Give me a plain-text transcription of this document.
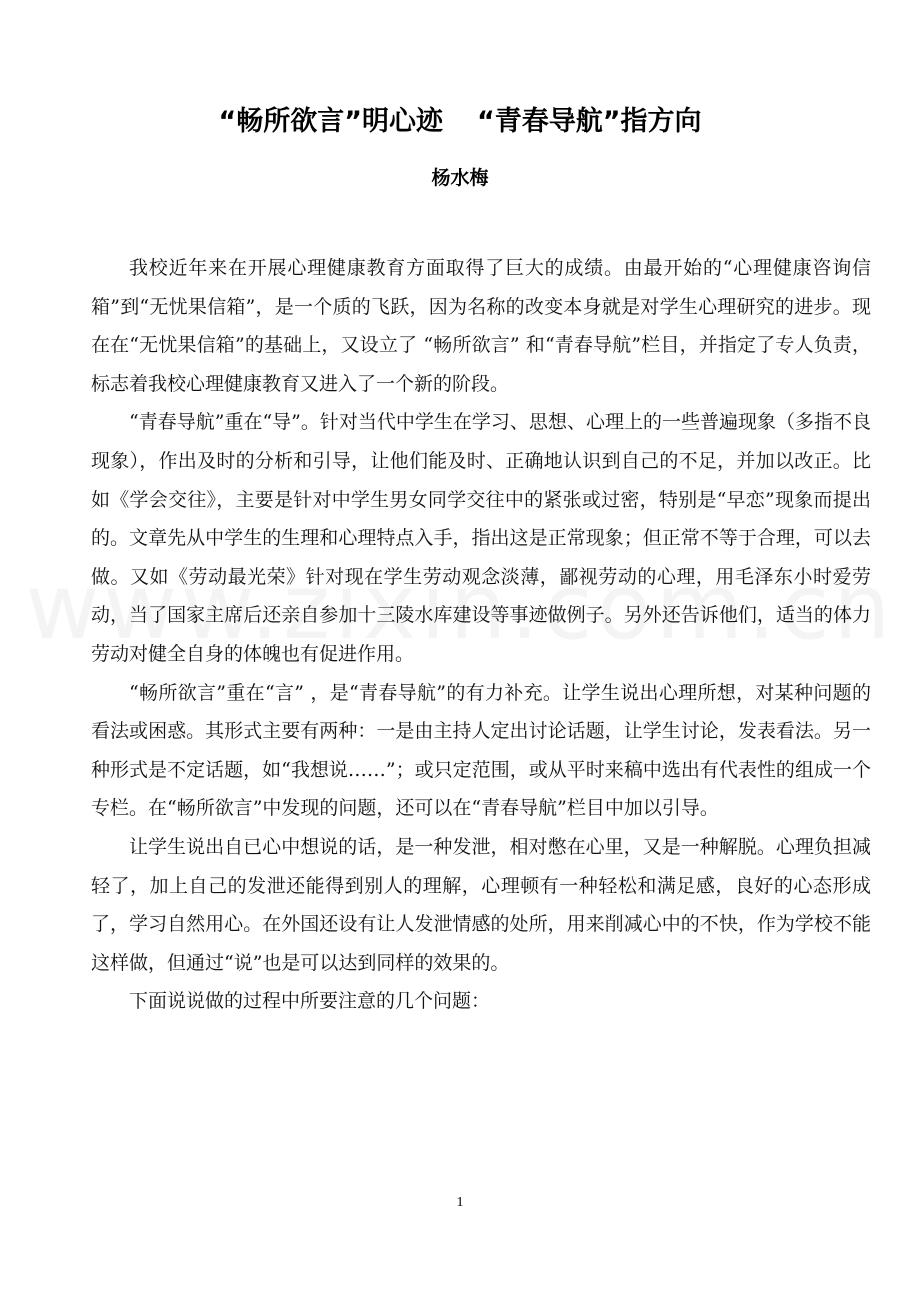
“畅所欲言”明心迹 “青春导航”指方向
杨水梅

我校近年来在开展心理健康教育方面取得了巨大的成绩。由最开始的“心理健康咨询信箱”到“无忧果信箱”，是一个质的飞跃，因为名称的改变本身就是对学生心理研究的进步。现在在“无忧果信箱”的基础上，又设立了 “畅所欲言” 和“青春导航”栏目，并指定了专人负责，标志着我校心理健康教育又进入了一个新的阶段。

“青春导航”重在“导”。针对当代中学生在学习、思想、心理上的一些普遍现象（多指不良现象），作出及时的分析和引导，让他们能及时、正确地认识到自己的不足，并加以改正。比如《学会交往》，主要是针对中学生男女同学交往中的紧张或过密，特别是“早恋”现象而提出的。文章先从中学生的生理和心理特点入手，指出这是正常现象；但正常不等于合理，可以去做。又如《劳动最光荣》针对现在学生劳动观念淡薄，鄙视劳动的心理，用毛泽东小时爱劳动，当了国家主席后还亲自参加十三陵水库建设等事迹做例子。另外还告诉他们，适当的体力劳动对健全自身的体魄也有促进作用。

“畅所欲言”重在“言” ，是“青春导航”的有力补充。让学生说出心理所想，对某种问题的看法或困惑。其形式主要有两种：一是由主持人定出讨论话题，让学生讨论，发表看法。另一种形式是不定话题，如“我想说……”；或只定范围，或从平时来稿中选出有代表性的组成一个专栏。在“畅所欲言”中发现的问题，还可以在“青春导航”栏目中加以引导。

让学生说出自已心中想说的话，是一种发泄，相对憋在心里，又是一种解脱。心理负担减轻了，加上自己的发泄还能得到别人的理解，心理顿有一种轻松和满足感，良好的心态形成了，学习自然用心。在外国还设有让人发泄情感的处所，用来削减心中的不快，作为学校不能这样做，但通过“说”也是可以达到同样的效果的。

下面说说做的过程中所要注意的几个问题：

1
